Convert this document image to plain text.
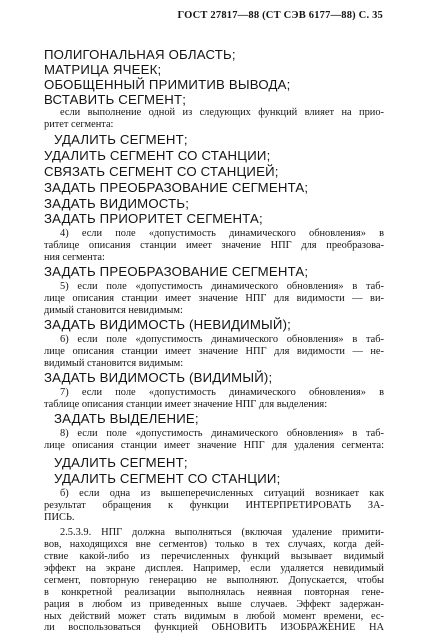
ГОСТ 27817—88 (СТ СЭВ 6177—88) С. 35
ПОЛИГОНАЛЬНАЯ ОБЛАСТЬ;
МАТРИЦА ЯЧЕЕК;
ОБОБЩЕННЫЙ ПРИМИТИВ ВЫВОДА;
ВСТАВИТЬ СЕГМЕНТ;
если выполнение одной из следующих функций влияет на прио-
ритет сегмента:
УДАЛИТЬ СЕГМЕНТ;
УДАЛИТЬ СЕГМЕНТ СО СТАНЦИИ;
СВЯЗАТЬ СЕГМЕНТ СО СТАНЦИЕЙ;
ЗАДАТЬ ПРЕОБРАЗОВАНИЕ СЕГМЕНТА;
ЗАДАТЬ ВИДИМОСТЬ;
ЗАДАТЬ ПРИОРИТЕТ СЕГМЕНТА;
4) если поле «допустимость динамического обновления» в
таблице описания станции имеет значение НПГ для преобразова-
ния сегмента:
ЗАДАТЬ ПРЕОБРАЗОВАНИЕ СЕГМЕНТА;
5) если поле «допустимость динамического обновления» в таб-
лице описания станции имеет значение НПГ для видимости — ви-
димый становится невидимым:
ЗАДАТЬ ВИДИМОСТЬ (НЕВИДИМЫЙ);
6) если поле «допустимость динамического обновления» в таб-
лице описания станции имеет значение НПГ для видимости — не-
видимый становится видимым:
ЗАДАТЬ ВИДИМОСТЬ (ВИДИМЫЙ);
7) если поле «допустимость динамического обновления» в
таблице описания станции имеет значение НПГ для выделения:
ЗАДАТЬ ВЫДЕЛЕНИЕ;
8) если поле «допустимость динамического обновления» в таб-
лице описания станции имеет значение НПГ для удаления сегмента:
УДАЛИТЬ СЕГМЕНТ;
УДАЛИТЬ СЕГМЕНТ СО СТАНЦИИ;
б) если одна из вышеперечисленных ситуаций возникает как
результат обращения к функции ИНТЕРПРЕТИРОВАТЬ ЗА-
ПИСЬ.
2.5.3.9. НПГ должна выполняться (включая удаление примити-
вов, находящихся вне сегментов) только в тех случаях, когда дей-
ствие какой-либо из перечисленных функций вызывает видимый
эффект на экране дисплея. Например, если удаляется невидимый
сегмент, повторную генерацию не выполняют. Допускается, чтобы
в конкретной реализации выполнялась неявная повторная гене-
рация в любом из приведенных выше случаев. Эффект задержан-
ных действий может стать видимым в любой момент времени, ес-
ли воспользоваться функцией ОБНОВИТЬ ИЗОБРАЖЕНИЕ НА
